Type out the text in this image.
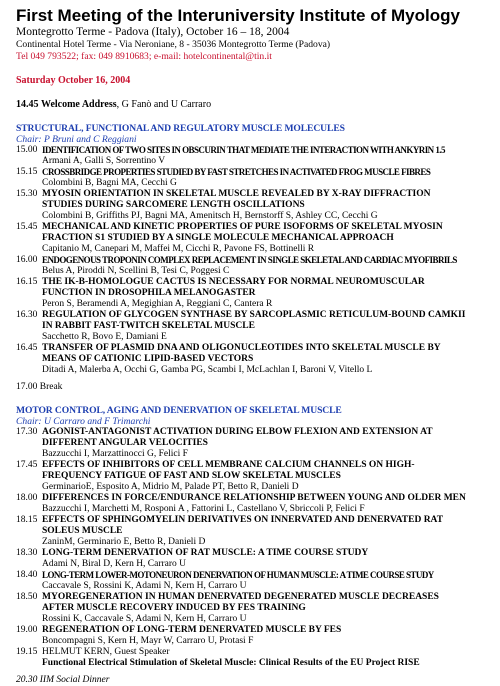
First Meeting of the Interuniversity Institute of Myology
Montegrotto Terme - Padova (Italy), October 16 – 18, 2004
Continental Hotel Terme - Via Neroniane, 8 - 35036 Montegrotto Terme (Padova)
Tel 049 793522; fax: 049 8910683; e-mail: hotelcontinental@tin.it
Saturday October 16, 2004
14.45 Welcome Address, G Fanò and U Carraro
STRUCTURAL, FUNCTIONAL AND REGULATORY MUSCLE MOLECULES
Chair: P Bruni and C Reggiani
15.00 IDENTIFICATION OF TWO SITES IN OBSCURIN THAT MEDIATE THE INTERACTION WITH ANKYRIN 1.5
Armani A, Galli S, Sorrentino V
15.15 CROSSBRIDGE PROPERTIES STUDIED BY FAST STRETCHES IN ACTIVATED FROG MUSCLE FIBRES
Colombini B, Bagni MA, Cecchi G
15.30 MYOSIN ORIENTATION IN SKELETAL MUSCLE REVEALED BY X-RAY DIFFRACTION
STUDIES DURING SARCOMERE LENGTH OSCILLATIONS
Colombini B, Griffiths PJ, Bagni MA, Amenitsch H, Bernstorff S, Ashley CC, Cecchi G
15.45 MECHANICAL AND KINETIC PROPERTIES OF PURE ISOFORMS OF SKELETAL MYOSIN
FRACTION S1 STUDIED BY A SINGLE MOLECULE MECHANICAL APPROACH
Capitanio M, Canepari M, Maffei M, Cicchi R, Pavone FS, Bottinelli R
16.00 ENDOGENOUS TROPONIN COMPLEX REPLACEMENT IN SINGLE SKELETAL AND CARDIAC MYOFIBRILS
Belus A, Piroddi N, Scellini B, Tesi C, Poggesi C
16.15 THE IK-B-HOMOLOGUE CACTUS IS NECESSARY FOR NORMAL NEUROMUSCULAR
FUNCTION IN DROSOPHILA MELANOGASTER
Peron S, Beramendi A, Megighian A, Reggiani C, Cantera R
16.30 REGULATION OF GLYCOGEN SYNTHASE BY SARCOPLASMIC RETICULUM-BOUND CAMKII
IN RABBIT FAST-TWITCH SKELETAL MUSCLE
Sacchetto R, Bovo E, Damiani E
16.45 TRANSFER OF PLASMID DNA AND OLIGONUCLEOTIDES INTO SKELETAL MUSCLE BY
MEANS OF CATIONIC LIPID-BASED VECTORS
Ditadi A, Malerba A, Occhi G, Gamba PG, Scambi I, McLachlan I, Baroni V, Vitello L
17.00 Break
MOTOR CONTROL, AGING AND DENERVATION OF SKELETAL MUSCLE
Chair: U Carraro and F Trimarchi
17.30 AGONIST-ANTAGONIST ACTIVATION DURING ELBOW FLEXION AND EXTENSION AT
DIFFERENT ANGULAR VELOCITIES
Bazzucchi I, Marzattinocci G, Felici F
17.45 EFFECTS OF INHIBITORS OF CELL MEMBRANE CALCIUM CHANNELS ON HIGH-
FREQUENCY FATIGUE OF FAST AND SLOW SKELETAL MUSCLES
GerminarioE, Esposito A, Midrio M, Palade PT, Betto R, Danieli D
18.00 DIFFERENCES IN FORCE/ENDURANCE RELATIONSHIP BETWEEN YOUNG AND OLDER MEN
Bazzucchi I, Marchetti M, Rosponi A , Fattorini L, Castellano V, Sbriccoli P, Felici F
18.15 EFFECTS OF SPHINGOMYELIN DERIVATIVES ON INNERVATED AND DENERVATED RAT
SOLEUS MUSCLE
ZaninM, Germinario E, Betto R, Danieli D
18.30 LONG-TERM DENERVATION OF RAT MUSCLE: A TIME COURSE STUDY
Adami N, Biral D, Kern H, Carraro U
18.40 LONG-TERM LOWER-MOTONEURON DENERVATION OF HUMAN MUSCLE: A TIME COURSE STUDY
Caccavale S, Rossini K, Adami N, Kern H, Carraro U
18.50 MYOREGENERATION IN HUMAN DENERVATED DEGENERATED MUSCLE DECREASES
AFTER MUSCLE RECOVERY INDUCED BY FES TRAINING
Rossini K, Caccavale S, Adami N, Kern H, Carraro U
19.00 REGENERATION OF LONG-TERM DENERVATED MUSCLE BY FES
Boncompagni S, Kern H, Mayr W, Carraro U, Protasi F
19.15 HELMUT KERN, Guest Speaker
Functional Electrical Stimulation of Skeletal Muscle: Clinical Results of the EU Project RISE
20.30 IIM Social Dinner
